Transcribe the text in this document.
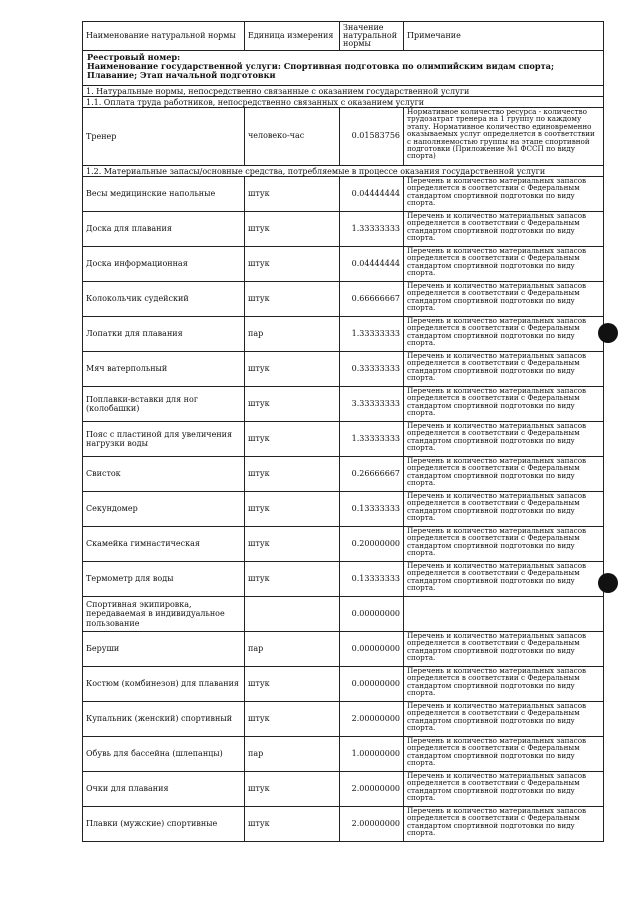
Наименование натуральной нормы	Единица измерения	Значение натуральной нормы	Примечание

Реестровый номер:
Наименование государственной услуги: Спортивная подготовка по олимпийским видам спорта;
Плавание; Этап начальной подготовки			

1. Натуральные нормы, непосредственно связанные с оказанием государственной услуги			
1.1. Оплата труда работников, непосредственно связанных с оказанием услуги			
Тренер	человеко-час	0.01583756	Нормативное количество ресурса - количество трудозатрат тренера на 1 группу по каждому этапу. Нормативное количество единовременно оказываемых услуг определяется в соответствии с наполняемостью группы на этапе спортивной подготовки (Приложение №1 ФССП по виду спорта)
1.2. Материальные запасы/основные средства, потребляемые в процессе оказания государственной услуги			
Весы медицинские напольные	штук	0.04444444	Перечень и количество материальных запасов определяется в соответствии с Федеральным стандартом спортивной подготовки по виду спорта.
Доска для плавания	штук	1.33333333	Перечень и количество материальных запасов определяется в соответствии с Федеральным стандартом спортивной подготовки по виду спорта.
Доска информационная	штук	0.04444444	Перечень и количество материальных запасов определяется в соответствии с Федеральным стандартом спортивной подготовки по виду спорта.
Колокольчик судейский	штук	0.66666667	Перечень и количество материальных запасов определяется в соответствии с Федеральным стандартом спортивной подготовки по виду спорта.
Лопатки для плавания	пар	1.33333333	Перечень и количество материальных запасов определяется в соответствии с Федеральным стандартом спортивной подготовки по виду спорта.
Мяч ватерпольный	штук	0.33333333	Перечень и количество материальных запасов определяется в соответствии с Федеральным стандартом спортивной подготовки по виду спорта.
Поплавки-вставки для ног (колобашки)	штук	3.33333333	Перечень и количество материальных запасов определяется в соответствии с Федеральным стандартом спортивной подготовки по виду спорта.
Пояс с пластиной для увеличения нагрузки воды	штук	1.33333333	Перечень и количество материальных запасов определяется в соответствии с Федеральным стандартом спортивной подготовки по виду спорта.
Свисток	штук	0.26666667	Перечень и количество материальных запасов определяется в соответствии с Федеральным стандартом спортивной подготовки по виду спорта.
Секундомер	штук	0.13333333	Перечень и количество материальных запасов определяется в соответствии с Федеральным стандартом спортивной подготовки по виду спорта.
Скамейка гимнастическая	штук	0.20000000	Перечень и количество материальных запасов определяется в соответствии с Федеральным стандартом спортивной подготовки по виду спорта.
Термометр для воды	штук	0.13333333	Перечень и количество материальных запасов определяется в соответствии с Федеральным стандартом спортивной подготовки по виду спорта.
Спортивная экипировка, передаваемая в индивидуальное пользование		0.00000000	
Беруши	пар	0.00000000	Перечень и количество материальных запасов определяется в соответствии с Федеральным стандартом спортивной подготовки по виду спорта.
Костюм (комбинезон) для плавания	штук	0.00000000	Перечень и количество материальных запасов определяется в соответствии с Федеральным стандартом спортивной подготовки по виду спорта.
Купальник (женский) спортивный	штук	2.00000000	Перечень и количество материальных запасов определяется в соответствии с Федеральным стандартом спортивной подготовки по виду спорта.
Обувь для бассейна (шлепанцы)	пар	1.00000000	Перечень и количество материальных запасов определяется в соответствии с Федеральным стандартом спортивной подготовки по виду спорта.
Очки для плавания	штук	2.00000000	Перечень и количество материальных запасов определяется в соответствии с Федеральным стандартом спортивной подготовки по виду спорта.
Плавки (мужские) спортивные	штук	2.00000000	Перечень и количество материальных запасов определяется в соответствии с Федеральным стандартом спортивной подготовки по виду спорта.
